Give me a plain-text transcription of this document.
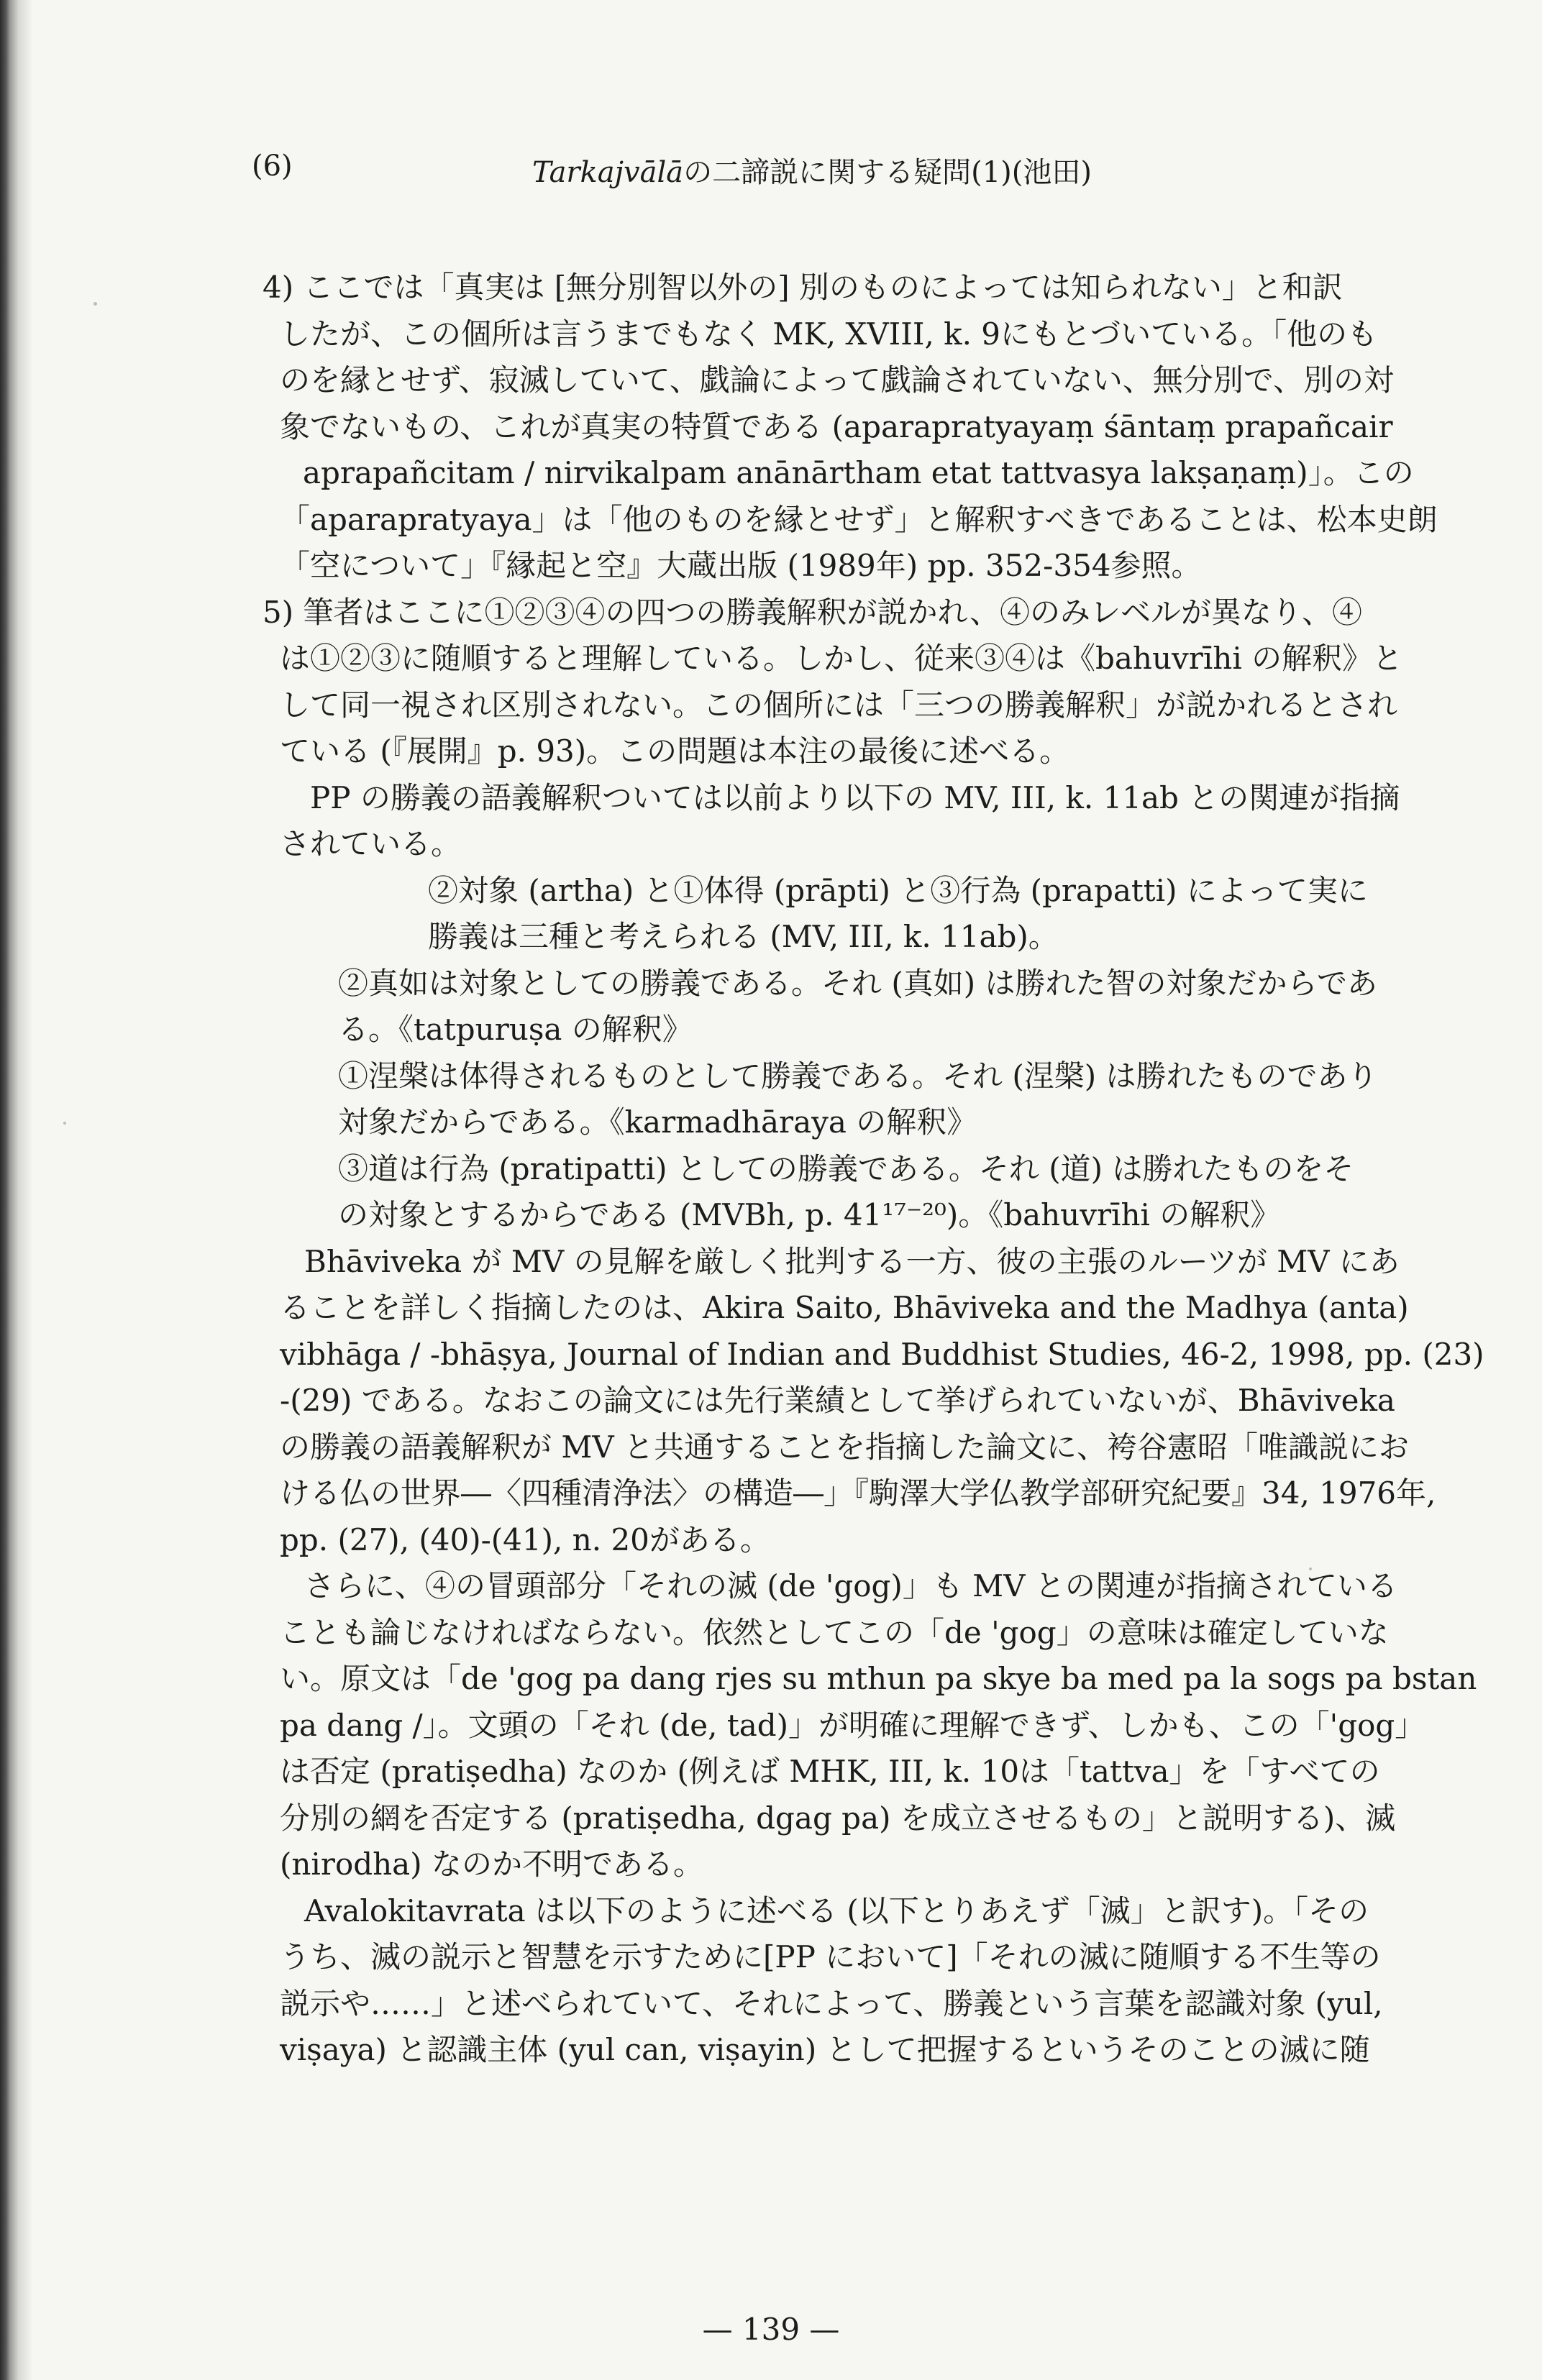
(6)	Tarkajvālāの二諦説に関する疑問(1)(池田)
4) ここでは「真実は [無分別智以外の] 別のものによっては知られない」と和訳
したが、この個所は言うまでもなく MK, XVIII, k. 9にもとづいている。「他のも
のを縁とせず、寂滅していて、戯論によって戯論されていない、無分別で、別の対
象でないもの、これが真実の特質である (aparapratyayaṃ śāntaṃ prapañcair
aprapañcitam / nirvikalpam anānārtham etat tattvasya lakṣaṇaṃ)」。この
「aparapratyaya」は「他のものを縁とせず」と解釈すべきであることは、松本史朗
「空について」『縁起と空』大蔵出版 (1989年) pp. 352-354参照。
5) 筆者はここに①②③④の四つの勝義解釈が説かれ、④のみレベルが異なり、④
は①②③に随順すると理解している。しかし、従来③④は《bahuvrīhi の解釈》と
して同一視され区別されない。この個所には「三つの勝義解釈」が説かれるとされ
ている (『展開』p. 93)。この問題は本注の最後に述べる。
PP の勝義の語義解釈ついては以前より以下の MV, III, k. 11ab との関連が指摘
されている。
②対象 (artha) と①体得 (prāpti) と③行為 (prapatti) によって実に
勝義は三種と考えられる (MV, III, k. 11ab)。
②真如は対象としての勝義である。それ (真如) は勝れた智の対象だからであ
る。《tatpuruṣa の解釈》
①涅槃は体得されるものとして勝義である。それ (涅槃) は勝れたものであり
対象だからである。《karmadhāraya の解釈》
③道は行為 (pratipatti) としての勝義である。それ (道) は勝れたものをそ
の対象とするからである (MVBh, p. 41¹⁷⁻²⁰)。《bahuvrīhi の解釈》
Bhāviveka が MV の見解を厳しく批判する一方、彼の主張のルーツが MV にあ
ることを詳しく指摘したのは、Akira Saito, Bhāviveka and the Madhya (anta)
vibhāga / -bhāṣya, Journal of Indian and Buddhist Studies, 46-2, 1998, pp. (23)
-(29) である。なおこの論文には先行業績として挙げられていないが、Bhāviveka
の勝義の語義解釈が MV と共通することを指摘した論文に、袴谷憲昭「唯識説にお
ける仏の世界―〈四種清浄法〉の構造―」『駒澤大学仏教学部研究紀要』34, 1976年,
pp. (27), (40)-(41), n. 20がある。
さらに、④の冒頭部分「それの滅 (de 'gog)」も MV との関連が指摘されている
ことも論じなければならない。依然としてこの「de 'gog」の意味は確定していな
い。原文は「de 'gog pa dang rjes su mthun pa skye ba med pa la sogs pa bstan
pa dang /」。文頭の「それ (de, tad)」が明確に理解できず、しかも、この「'gog」
は否定 (pratiṣedha) なのか (例えば MHK, III, k. 10は「tattva」を「すべての
分別の網を否定する (pratiṣedha, dgag pa) を成立させるもの」と説明する)、滅
(nirodha) なのか不明である。
Avalokitavrata は以下のように述べる (以下とりあえず「滅」と訳す)。「その
うち、滅の説示と智慧を示すために[PP において]「それの滅に随順する不生等の
説示や……」と述べられていて、それによって、勝義という言葉を認識対象 (yul,
viṣaya) と認識主体 (yul can, viṣayin) として把握するというそのことの滅に随
— 139 —
